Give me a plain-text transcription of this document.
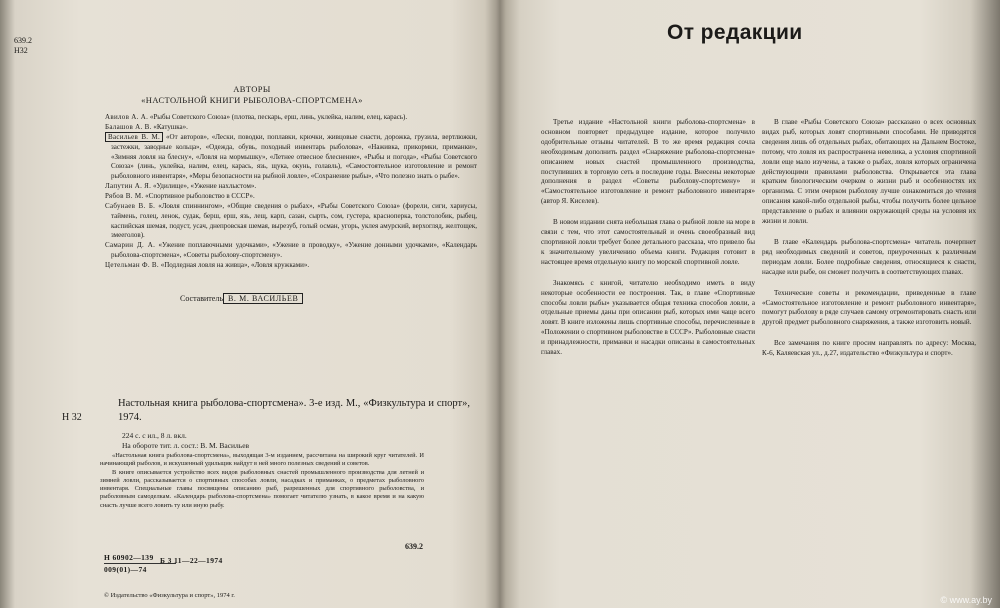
639.2
Н32
АВТОРЫ
«НАСТОЛЬНОЙ КНИГИ РЫБОЛОВА-СПОРТСМЕНА»

Авилов А. А. «Рыбы Советского Союза» (плотва, пескарь, ерш, линь, уклейка, налим, елец, карась).

Балашов А. В. «Катушка».

Васильев В. М. «От авторов», «Лески, поводки, поплавки, крючки, живцовые снасти, дорожка, грузила, вертлюжки, застежки, заводные кольца», «Одежда, обувь, походный инвентарь рыболова», «Наживка, прикормки, приманки», «Зимняя ловля на блесну», «Ловля на мормышку», «Летнее отвесное блеснение», «Рыбы и погода», «Рыбы Советского Союза» (линь, уклейка, налим, елец, карась, язь, щука, окунь, голавль), «Самостоятельное изготовление и ремонт рыболовного инвентаря», «Меры безопасности на рыбной ловле», «Сохранение рыбы», «Что полезно знать о рыбе».

Лапутин А. Я. «Удилище», «Ужение нахлыстом».

Рябов В. М. «Спортивное рыболовство в СССР».

Сабунаев В. Б. «Ловля спиннингом», «Общие сведения о рыбах», «Рыбы Советского Союза» (форели, сиги, хариусы, таймень, голец, ленок, судак, берш, ерш, язь, лещ, карп, сазан, сырть, сом, густера, красноперка, толстолобик, рыбец, каспийская шемая, подуст, усач, днепровская шемая, вырезуб, голый осман, угорь, уклея амурский, верхогляд, желтощек, змееголов).

Самарин Д. А. «Ужение поплавочными удочками», «Ужение в проводку», «Ужение донными удочками», «Календарь рыболова-спортсмена», «Советы рыболову-спортсмену».

Цетельман Ф. В. «Подледная ловля на живца», «Ловля кружками».

Составитель В. М. ВАСИЛЬЕВ
Н 32
Настольная книга рыболова-спортсмена». 3-е изд. М., «Физкультура и спорт», 1974.
224 с. с ил., 8 л. вкл.
На обороте тит. л. сост.: В. М. Васильев

«Настольная книга рыболова-спортсмена», выходящая 3-м изданием, рассчитана на широкий круг читателей. И начинающий рыболов, и искушенный удильщик найдут в ней много полезных сведений и советов.

В книге описывается устройство всех видов рыболовных снастей промышленного производства для летней и зимней ловли, рассказывается о спортивных способах ловли, насадках и приманках, о предметах рыболовного инвентаря. Специальные главы посвящены описанию рыб, разрешенных для спортивного рыболовства, и рыболовным самоделкам. «Календарь рыболова-спортсмена» помогает читателю узнать, в какое время и на какую снасть лучше всего ловить ту или иную рыбу.

639.2
Н 60902—139
009(01)—74
Б 3 11—22—1974
© Издательство «Физкультура и спорт», 1974 г.
От редакции

Третье издание «Настольной книги рыболова-спортсмена» в основном повторяет предыдущее издание, которое получило одобрительные отзывы читателей. В то же время редакция сочла необходимым дополнить раздел «Снаряжение рыболова-спортсмена» описанием новых снастей промышленного производства, поступивших в торговую сеть в последние годы. Внесены некоторые дополнения в раздел «Советы рыболову-спортсмену» и «Самостоятельное изготовление и ремонт рыболовного инвентаря» (автор Я. Киселев).

В новом издании снята небольшая глава о рыбной ловле на море в связи с тем, что этот самостоятельный и очень своеобразный вид спортивной ловли требует более детального рассказа, что привело бы к значительному увеличению объема книги. Редакция готовит в настоящее время отдельную книгу по морской спортивной ловле.

Знакомясь с книгой, читателю необходимо иметь в виду некоторые особенности ее построения. Так, в главе «Спортивные способы ловли рыбы» указывается общая техника способов ловли, а отдельные приемы даны при описании рыб, которых ими чаще всего ловят. В книге изложены лишь спортивные способы, перечисленные в «Положении о спортивном рыболовстве в СССР». Рыболовные снасти и принадлежности, приманки и насадки описаны в самостоятельных главах.

В главе «Рыбы Советского Союза» рассказано о всех основных видах рыб, которых ловят спортивными способами. Не приводятся сведения лишь об отдельных рыбах, обитающих на Дальнем Востоке, потому, что ловля их распространена невелика, а условия спортивной ловли еще мало изучены, а также о рыбах, ловля которых ограничена действующими правилами рыболовства. Открывается эта глава кратким биологическим очерком о жизни рыб и особенностях их организма. С этим очерком рыболову лучше ознакомиться до чтения описания какой-либо отдельной рыбы, чтобы получить более цельное представление о рыбах и влиянии окружающей среды на условия их жизни и ловли.

В главе «Календарь рыболова-спортсмена» читатель почерпнет ряд необходимых сведений и советов, приуроченных к различным периодам ловли. Более подробные сведения, относящиеся к снасти, насадке или рыбе, он сможет получить в соответствующих главах.

Технические советы и рекомендации, приведенные в главе «Самостоятельное изготовление и ремонт рыболовного инвентаря», помогут рыболову в ряде случаев самому отремонтировать снасть или другой предмет рыболовного снаряжения, а также изготовить новый.

Все замечания по книге просим направлять по адресу: Москва, К-6, Каляевская ул., д.27, издательство «Физкультура и спорт».

© www.ay.by
